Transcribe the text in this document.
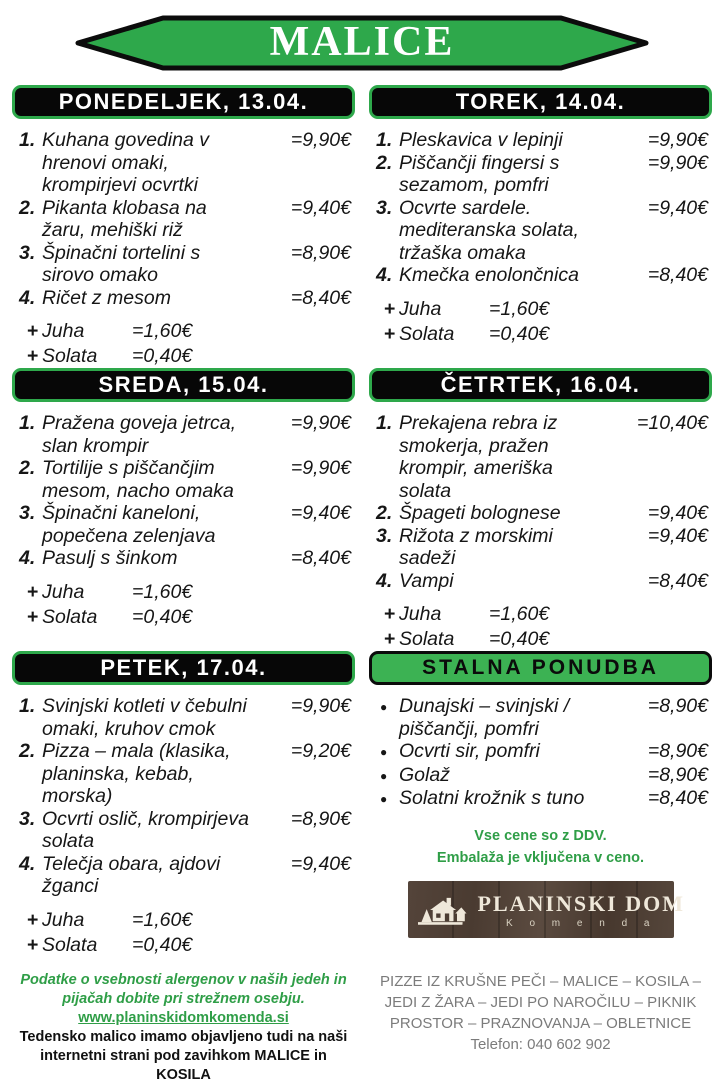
MALICE
PONEDELJEK, 13.04.
1. Kuhana govedina v hrenovi omaki, krompirjevi ocvrtki
=9,90€
2. Pikanta klobasa na žaru, mehiški riž
=9,40€
3. Špinačni tortelini s sirovo omako
=8,90€
4. Ričet z mesom	=8,40€
+ Juha	=1,60€
+ Solata	=0,40€
TOREK, 14.04.
1. Pleskavica v lepinji	=9,90€
2. Piščančji fingersi s sezamom, pomfri
=9,90€
3. Ocvrte sardele. mediteranska solata, tržaška omaka
=9,40€
4. Kmečka enolončnica	=8,40€
+ Juha	=1,60€
+ Solata	=0,40€
SREDA, 15.04.
1. Pražena goveja jetrca, slan krompir
=9,90€
2. Tortilije s piščančjim mesom, nacho omaka
=9,90€
3. Špinačni kaneloni, popečena zelenjava
=9,40€
4. Pasulj s šinkom	=8,40€
+ Juha	=1,60€
+ Solata	=0,40€
ČETRTEK, 16.04.
1. Prekajena rebra iz smokerja, pražen krompir, ameriška solata
=10,40€
2. Špageti bolognese	=9,40€
3. Rižota z morskimi sadeži
=9,40€
4. Vampi	=8,40€
+ Juha	=1,60€
+ Solata	=0,40€
PETEK, 17.04.
1. Svinjski kotleti v čebulni omaki, kruhov cmok
=9,90€
2. Pizza – mala (klasika, planinska, kebab, morska)
=9,20€
3. Ocvrti oslič, krompirjeva solata
=8,90€
4. Telečja obara, ajdovi žganci
=9,40€
+ Juha	=1,60€
+ Solata	=0,40€
STALNA PONUDBA
● Dunajski – svinjski / piščančji, pomfri
=8,90€
● Ocvrti sir, pomfri	=8,90€
● Golaž	=8,90€
● Solatni krožnik s tuno	=8,40€
Vse cene so z DDV.
Embalaža je vključena v ceno.
PLANINSKI DOM
K o m e n d a

Podatke o vsebnosti alergenov v naših jedeh in pijačah dobite pri strežnem osebju. www.planinskidomkomenda.si

Tedensko malico imamo objavljeno tudi na naši internetni strani pod zavihkom MALICE in KOSILA

PIZZE IZ KRUŠNE PEČI – MALICE – KOSILA – JEDI Z ŽARA – JEDI PO NAROČILU – PIKNIK PROSTOR – PRAZNOVANJA – OBLETNICE

Telefon: 040 602 902
